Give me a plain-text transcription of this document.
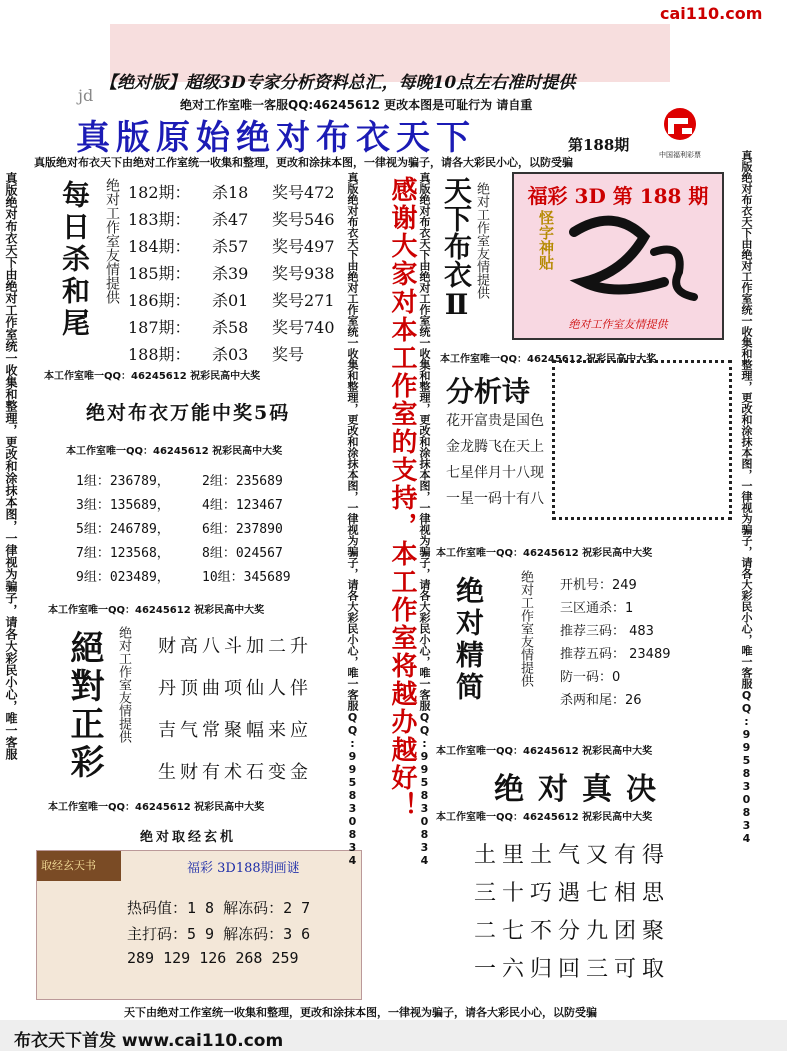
cai110.com
【绝对版】超级3D专家分析资料总汇，每晚10点左右准时提供
绝对工作室唯一客服QQ:46245612 更改本图是可耻行为 请自重
jd
真版原始绝对布衣天下	第188期
中国福利彩票
真版绝对布衣天下由绝对工作室统一收集和整理，更改和涂抹本图，一律视为骗子，请各大彩民小心，以防受骗
真版绝对布衣天下由绝对工作室统一收集和整理，更改和涂抹本图，一律视为骗子，请各大彩民小心，唯一客服 每日杀和尾 绝对工作室友情提供 182期：	杀18	奖号472
183期：	杀47	奖号546
184期：	杀57	奖号497
185期：	杀39	奖号938
186期：	杀01	奖号271
187期：	杀58	奖号740
188期：	杀03	奖号
本工作室唯一QQ：46245612 祝彩民高中大奖
绝对布衣万能中奖5码
本工作室唯一QQ：46245612 祝彩民高中大奖
1组：236789，	2组：235689
3组：135689，	4组：123467
5组：246789，	6组：237890
7组：123568，	8组：024567
9组：023489，	10组：345689
本工作室唯一QQ：46245612 祝彩民高中大奖
絕對正彩 绝对工作室友情提供 财高八斗加二升
丹顶曲项仙人伴
吉气常聚幅来应
生财有术石变金
本工作室唯一QQ：46245612 祝彩民高中大奖
绝对取经玄机
取经玄天书	福彩 3D188期画谜
热码值：1 8 解冻码：2 7
主打码：5 9 解冻码：3 6
289 129 126 268 259
真版绝对布衣天下由绝对工作室统一收集和整理，更改和涂抹本图，一律视为骗子，请各大彩民小心，唯一客服QQ:995830834 感谢大家对本工作室的支持，本工作室将越办越好！ 真版绝对布衣天下由绝对工作室统一收集和整理，更改和涂抹本图，一律视为骗子，请各大彩民小心，唯一客服QQ:995830834 天下布衣Ⅱ 绝对工作室友情提供
本工作室唯一QQ：46245612 祝彩民高中大奖
分析诗
花开富贵是国色
金龙腾飞在天上
七星伴月十八现
一星一码十有八
福彩 3D 第 188 期
怪字神贴
绝对工作室友情提供	真版绝对布衣天下由绝对工作室统一收集和整理，更改和涂抹本图，一律视为骗子，请各大彩民小心，唯一客服QQ:995830834
本工作室唯一QQ：46245612 祝彩民高中大奖
绝对精简	绝对工作室友情提供 开机号：249
三区通杀：1
推荐三码： 483
推荐五码： 23489
防一码：0
杀两和尾：26
本工作室唯一QQ：46245612 祝彩民高中大奖
绝对真决
本工作室唯一QQ：46245612 祝彩民高中大奖
土里土气又有得
三十巧遇七相思
二七不分九团聚
一六归回三可取
天下由绝对工作室统一收集和整理，更改和涂抹本图，一律视为骗子，请各大彩民小心，以防受骗
布衣天下首发 www.cai110.com
